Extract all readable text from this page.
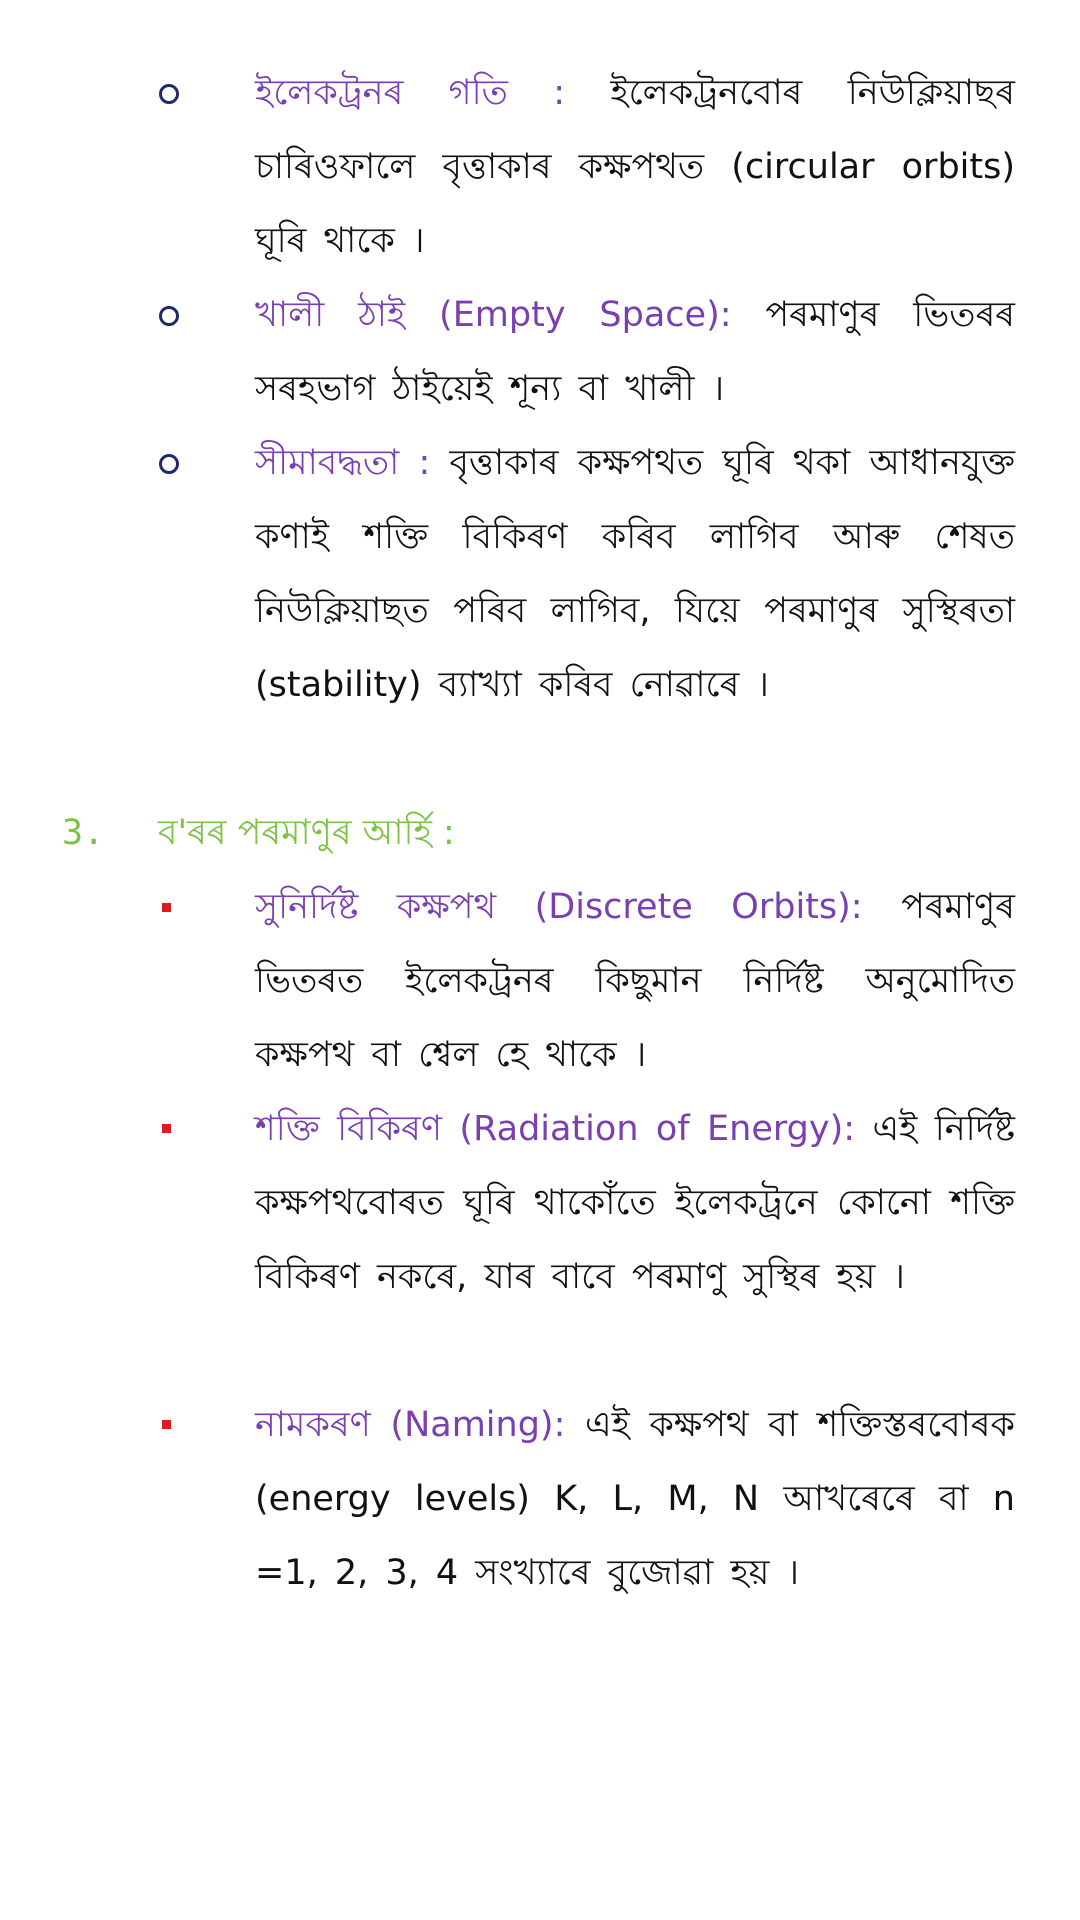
ইলেকট্ৰনৰ গতি : ইলেকট্ৰনবোৰ নিউক্লিয়াছৰ চাৰিওফালে বৃত্তাকাৰ কক্ষপথত (circular orbits) ঘূৰি থাকে ।
খালী ঠাই (Empty Space): পৰমাণুৰ ভিতৰৰ সৰহভাগ ঠাইয়েই শূন্য বা খালী ।
সীমাবদ্ধতা : বৃত্তাকাৰ কক্ষপথত ঘূৰি থকা আধানযুক্ত কণাই শক্তি বিকিৰণ কৰিব লাগিব আৰু শেষত নিউক্লিয়াছত পৰিব লাগিব, যিয়ে পৰমাণুৰ সুস্থিৰতা (stability) ব্যাখ্যা কৰিব নোৱাৰে ।
3. ব'ৰৰ পৰমাণুৰ আৰ্হি :
সুনিৰ্দিষ্ট কক্ষপথ (Discrete Orbits): পৰমাণুৰ ভিতৰত ইলেকট্ৰনৰ কিছুমান নিৰ্দিষ্ট অনুমোদিত কক্ষপথ বা শ্বেল হে থাকে ।
শক্তি বিকিৰণ (Radiation of Energy): এই নিৰ্দিষ্ট কক্ষপথবোৰত ঘূৰি থাকোঁতে ইলেকট্ৰনে কোনো শক্তি বিকিৰণ নকৰে, যাৰ বাবে পৰমাণু সুস্থিৰ হয় ।
নামকৰণ (Naming): এই কক্ষপথ বা শক্তিস্তৰবোৰক (energy levels) K, L, M, N আখৰেৰে বা n =1, 2, 3, 4 সংখ্যাৰে বুজোৱা হয় ।
